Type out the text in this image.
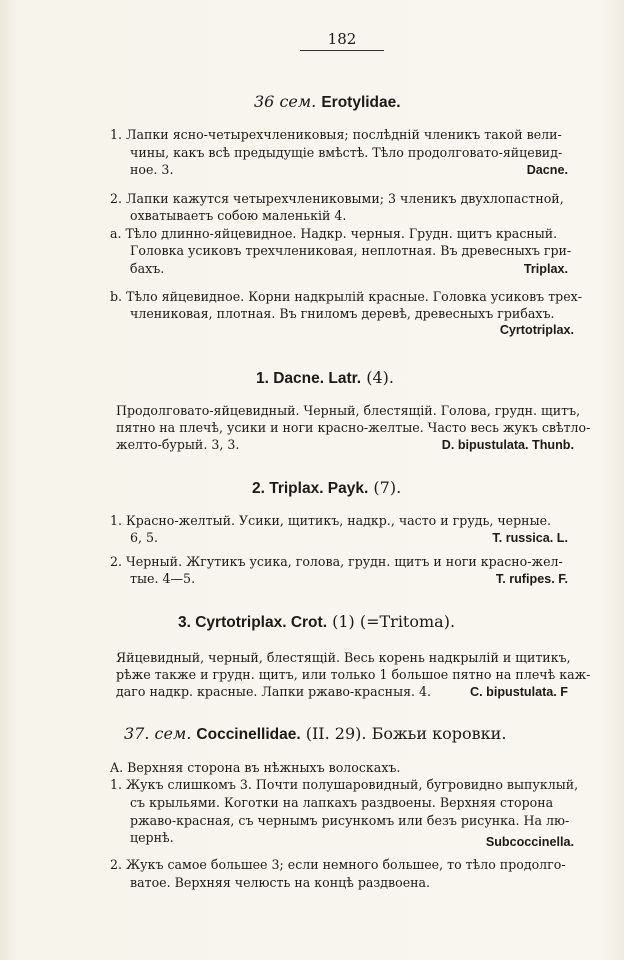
182
36 сем. Erotylidae.
1. Лапки ясно-четырехчлениковыя; послѣдній членикъ такой вели-
чины, какъ всѣ предыдущіе вмѣстѣ. Тѣло продолговато-яйцевид-
ное. 3.	Dacne.
2. Лапки кажутся четырехчлениковыми; 3 членикъ двухлопастной,
охватываетъ собою маленькій 4.
a. Тѣло длинно-яйцевидное. Надкр. черныя. Грудн. щитъ красный.
Головка усиковъ трехчлениковая, неплотная. Въ древесныхъ гри-
бахъ.	Triplax.
b. Тѣло яйцевидное. Корни надкрылій красные. Головка усиковъ трех-
члениковая, плотная. Въ гниломъ деревѣ, древесныхъ грибахъ.
Cyrtotriplax.
1. Dacne. Latr. (4).
Продолговато-яйцевидный. Черный, блестящій. Голова, грудн. щитъ,
пятно на плечѣ, усики и ноги красно-желтые. Часто весь жукъ свѣтло-
желто-бурый. 3, 3.	D. bipustulata. Thunb.
2. Triplax. Payk. (7).
1. Красно-желтый. Усики, щитикъ, надкр., часто и грудь, черные.
6, 5.	T. russica. L.
2. Черный. Жгутикъ усика, голова, грудн. щитъ и ноги красно-жел-
тые. 4—5.	T. rufipes. F.
3. Cyrtotriplax. Crot. (1) (=Tritoma).
Яйцевидный, черный, блестящій. Весь корень надкрылій и щитикъ,
рѣже также и грудн. щитъ, или только 1 большое пятно на плечѣ каж-
даго надкр. красные. Лапки ржаво-красныя. 4.	C. bipustulata. F
37. сем. Coccinellidae. (II. 29). Божьи коровки.
A. Верхняя сторона въ нѣжныхъ волоскахъ.
1. Жукъ слишкомъ 3. Почти полушаровидный, бугровидно выпуклый,
съ крыльями. Коготки на лапкахъ раздвоены. Верхняя сторона
ржаво-красная, съ чернымъ рисункомъ или безъ рисунка. На лю-
цернѣ.	Subcoccinella.
2. Жукъ самое большее 3; если немного большее, то тѣло продолго-
ватое. Верхняя челюсть на концѣ раздвоена.
